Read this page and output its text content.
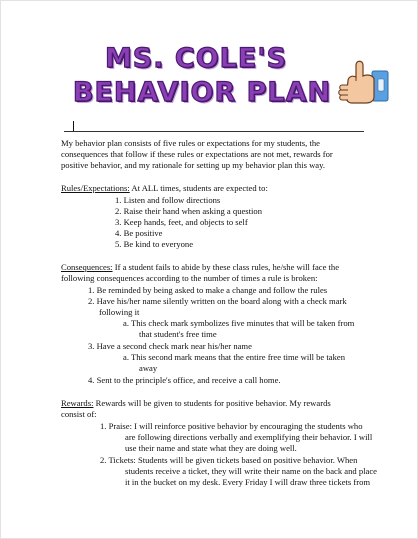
MS. COLE'S
BEHAVIOR PLAN
My behavior plan consists of five rules or expectations for my students, the
consequences that follow if these rules or expectations are not met, rewards for
positive behavior, and my rationale for setting up my behavior plan this way.
Rules/Expectations: At ALL times, students are expected to:
1. Listen and follow directions
2. Raise their hand when asking a question
3. Keep hands, feet, and objects to self
4. Be positive
5. Be kind to everyone
Consequences: If a student fails to abide by these class rules, he/she will face the
following consequences according to the number of times a rule is broken:
1. Be reminded by being asked to make a change and follow the rules
2. Have his/her name silently written on the board along with a check mark
following it
a. This check mark symbolizes five minutes that will be taken from
that student's free time
3. Have a second check mark near his/her name
a. This second mark means that the entire free time will be taken
away
4. Sent to the principle's office, and receive a call home.
Rewards: Rewards will be given to students for positive behavior. My rewards
consist of:
1. Praise: I will reinforce positive behavior by encouraging the students who
are following directions verbally and exemplifying their behavior. I will
use their name and state what they are doing well.
2. Tickets: Students will be given tickets based on positive behavior. When
students receive a ticket, they will write their name on the back and place
it in the bucket on my desk. Every Friday I will draw three tickets from
